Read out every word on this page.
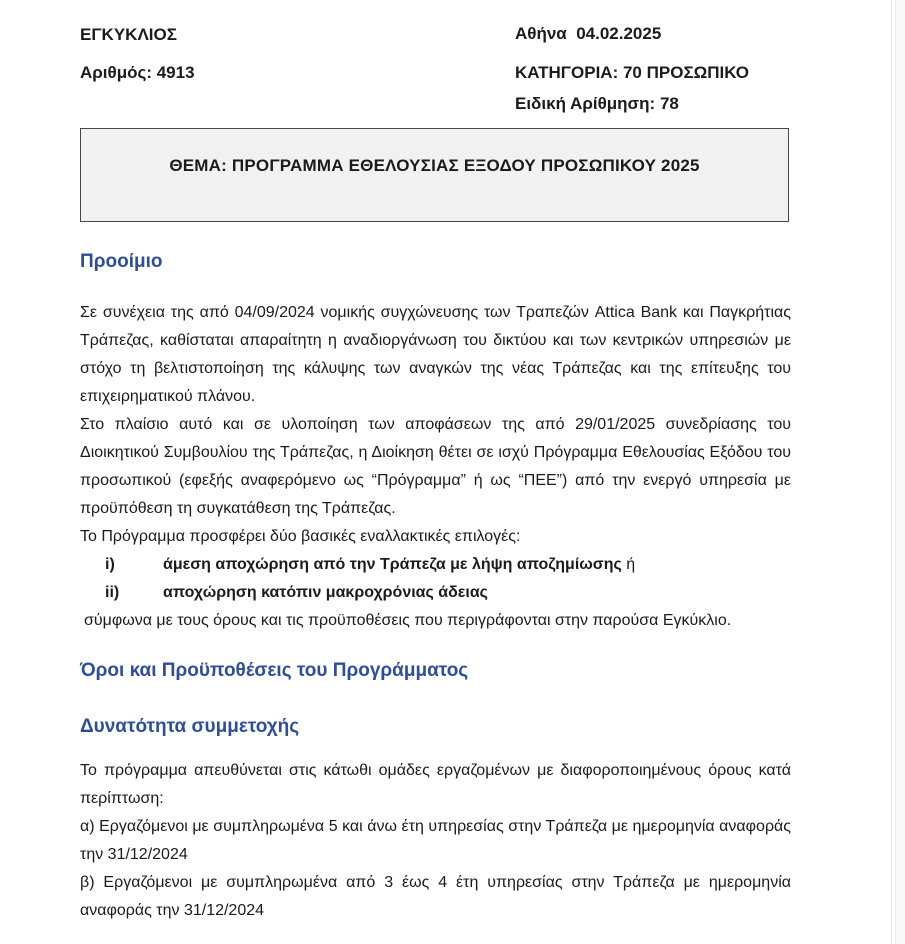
ΕΓΚΥΚΛΙΟΣ
Αριθμός: 4913
Αθήνα  04.02.2025
ΚΑΤΗΓΟΡΙΑ: 70 ΠΡΟΣΩΠΙΚΟ
Ειδική Αρίθμηση: 78
ΘΕΜΑ: ΠΡΟΓΡΑΜΜΑ ΕΘΕΛΟΥΣΙΑΣ ΕΞΟΔΟΥ ΠΡΟΣΩΠΙΚΟΥ 2025
Προοίμιο

Σε συνέχεια της από 04/09/2024 νομικής συγχώνευσης των Τραπεζών Attica Bank και Παγκρήτιας Τράπεζας, καθίσταται απαραίτητη η αναδιοργάνωση του δικτύου και των κεντρικών υπηρεσιών με στόχο τη βελτιστοποίηση της κάλυψης των αναγκών της νέας Τράπεζας και της επίτευξης του επιχειρηματικού πλάνου.

Στο πλαίσιο αυτό και σε υλοποίηση των αποφάσεων της από 29/01/2025 συνεδρίασης του Διοικητικού Συμβουλίου της Τράπεζας, η Διοίκηση θέτει σε ισχύ Πρόγραμμα Εθελουσίας Εξόδου του προσωπικού (εφεξής αναφερόμενο ως “Πρόγραμμα” ή ως “ΠΕΕ”) από την ενεργό υπηρεσία με προϋπόθεση τη συγκατάθεση της Τράπεζας.

Το Πρόγραμμα προσφέρει δύο βασικές εναλλακτικές επιλογές:

i)	άμεση αποχώρηση από την Τράπεζα με λήψη αποζημίωσης ή
ii)	αποχώρηση κατόπιν μακροχρόνιας άδειας

σύμφωνα με τους όρους και τις προϋποθέσεις που περιγράφονται στην παρούσα Εγκύκλιο.

Όροι και Προϋποθέσεις του Προγράμματος
Δυνατότητα συμμετοχής

Το πρόγραμμα απευθύνεται στις κάτωθι ομάδες εργαζομένων με διαφοροποιημένους όρους κατά περίπτωση:

α) Εργαζόμενοι με συμπληρωμένα 5 και άνω έτη υπηρεσίας στην Τράπεζα με ημερομηνία αναφοράς την 31/12/2024

β) Εργαζόμενοι με συμπληρωμένα από 3 έως 4 έτη υπηρεσίας στην Τράπεζα με ημερομηνία αναφοράς την 31/12/2024
